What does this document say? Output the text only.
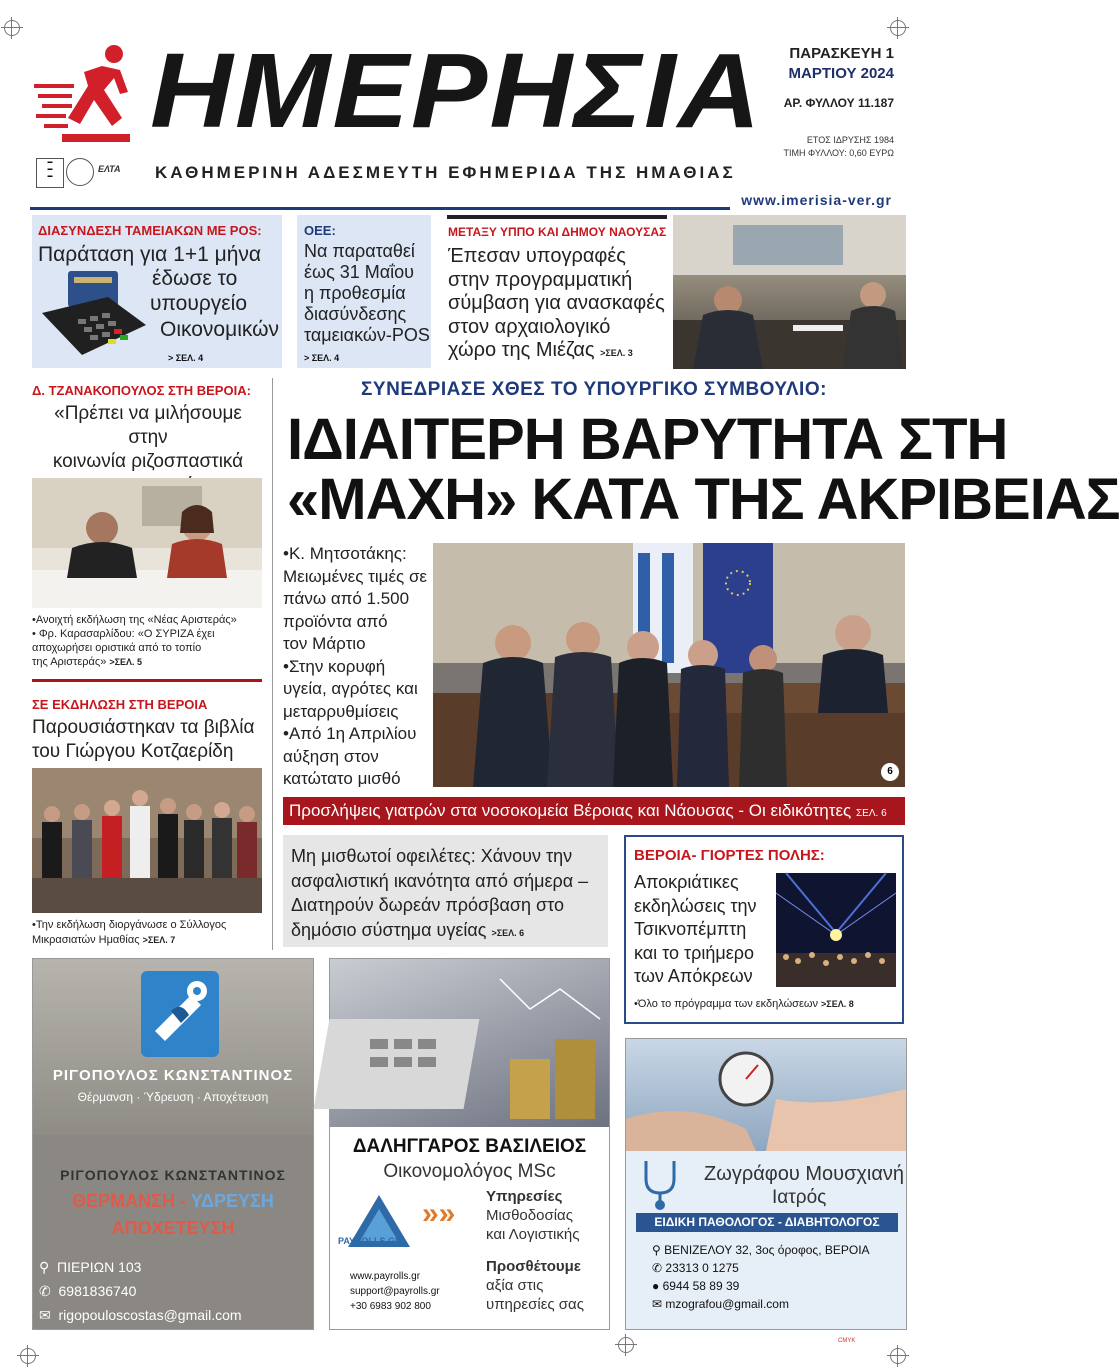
ΗΜΕΡΗΣΙΑ
▬
▬
▬
ΕΛΤΑ ΚΑΘΗΜΕΡΙΝΗ ΑΔΕΣΜΕΥΤΗ ΕΦΗΜΕΡΙΔΑ ΤΗΣ ΗΜΑΘΙΑΣ
ΠΑΡΑΣΚΕΥΗ 1
ΜΑΡΤΙΟΥ 2024
ΑΡ. ΦΥΛΛΟΥ 11.187
ΕΤΟΣ ΙΔΡΥΣΗΣ 1984
ΤΙΜΗ ΦΥΛΛΟΥ: 0,60 ΕΥΡΩ
www.imerisia-ver.gr
ΔΙΑΣΥΝΔΕΣΗ ΤΑΜΕΙΑΚΩΝ ΜΕ POS:
Παράταση για 1+1 μήνα
έδωσε το
υπουργείο
Οικονομικών
> ΣΕΛ. 4
ΟΕΕ:
Να παραταθεί
έως 31 Μαΐου
η προθεσμία
διασύνδεσης
ταμειακών-POS
> ΣΕΛ. 4
ΜΕΤΑΞΥ ΥΠΠΟ ΚΑΙ ΔΗΜΟΥ ΝΑΟΥΣΑΣ
Έπεσαν υπογραφές
στην προγραμματική
σύμβαση για ανασκαφές
στον αρχαιολογικό
χώρο της Μιέζας >ΣΕΛ. 3
Δ. ΤΖΑΝΑΚΟΠΟΥΛΟΣ ΣΤΗ ΒΕΡΟΙΑ:
«Πρέπει να μιλήσουμε στην
κοινωνία ριζοσπαστικά
•Ανοιχτή εκδήλωση της «Νέας Αριστεράς»
• Φρ. Καρασαρλίδου: «Ο ΣΥΡΙΖΑ έχει
αποχωρήσει οριστικά από το τοπίο
της Αριστεράς» >ΣΕΛ. 5
ΣΕ ΕΚΔΗΛΩΣΗ ΣΤΗ ΒΕΡΟΙΑ
Παρουσιάστηκαν τα βιβλία
του Γιώργου Κοτζαερίδη
•Την εκδήλωση διοργάνωσε ο Σύλλογος
Μικρασιατών Ημαθίας >ΣΕΛ. 7
ΣΥΝΕΔΡΙΑΣΕ ΧΘΕΣ ΤΟ ΥΠΟΥΡΓΙΚΟ ΣΥΜΒΟΥΛΙΟ:
ΙΔΙΑΙΤΕΡΗ ΒΑΡΥΤΗΤΑ ΣΤΗ
«ΜΑΧΗ» ΚΑΤΑ ΤΗΣ ΑΚΡΙΒΕΙΑΣ
•Κ. Μητσοτάκης:
Μειωμένες τιμές σε
πάνω από 1.500
προϊόντα από
τον Μάρτιο
•Στην κορυφή
υγεία, αγρότες και
μεταρρυθμίσεις
•Από 1η Απριλίου
αύξηση στον
κατώτατο μισθό	6
Προσλήψεις γιατρών στα νοσοκομεία Βέροιας και Νάουσας - Οι ειδικότητες ΣΕΛ. 6
Μη μισθωτοί οφειλέτες: Χάνουν την
ασφαλιστική ικανότητα από σήμερα –
Διατηρούν δωρεάν πρόσβαση στο
δημόσιο σύστημα υγείας >ΣΕΛ. 6
ΒΕΡΟΙΑ- ΓΙΟΡΤΕΣ ΠΟΛΗΣ:
Αποκριάτικες
εκδηλώσεις την
Τσικνοπέμπτη
και το τριήμερο
των Απόκρεων
•Όλο το πρόγραμμα των εκδηλώσεων >ΣΕΛ. 8
ΡΙΓΟΠΟΥΛΟΣ ΚΩΝΣΤΑΝΤΙΝΟΣ
Θέρμανση · Ύδρευση · Αποχέτευση
ΡΙΓΟΠΟΥΛΟΣ ΚΩΝΣΤΑΝΤΙΝΟΣ
ΘΕΡΜΑΝΣΗ - ΥΔΡΕΥΣΗ
ΑΠΟΧΕΤΕΥΣΗ
⚲ ΠΙΕΡΙΩΝ 103
✆ 6981836740
✉ rigopouloscostas@gmail.com
ΔΑΛΗΓΓΑΡΟΣ ΒΑΣΙΛΕΙΟΣ
Οικονομολόγος MSc
PAYROLLS.GR
»»
Υπηρεσίες
Μισθοδοσίας
και Λογιστικής
www.payrolls.gr
support@payrolls.gr
+30 6983 902 800
Προσθέτουμε
αξία στις
υπηρεσίες σας
Ζωγράφου Μουσχιανή
Ιατρός
ΕΙΔΙΚΗ ΠΑΘΟΛΟΓΟΣ - ΔΙΑΒΗΤΟΛΟΓΟΣ
⚲ ΒΕΝΙΖΕΛΟΥ 32, 3ος όροφος, ΒΕΡΟΙΑ
✆ 23313 0 1275
● 6944 58 89 39
✉ mzografou@gmail.com
CMYK
